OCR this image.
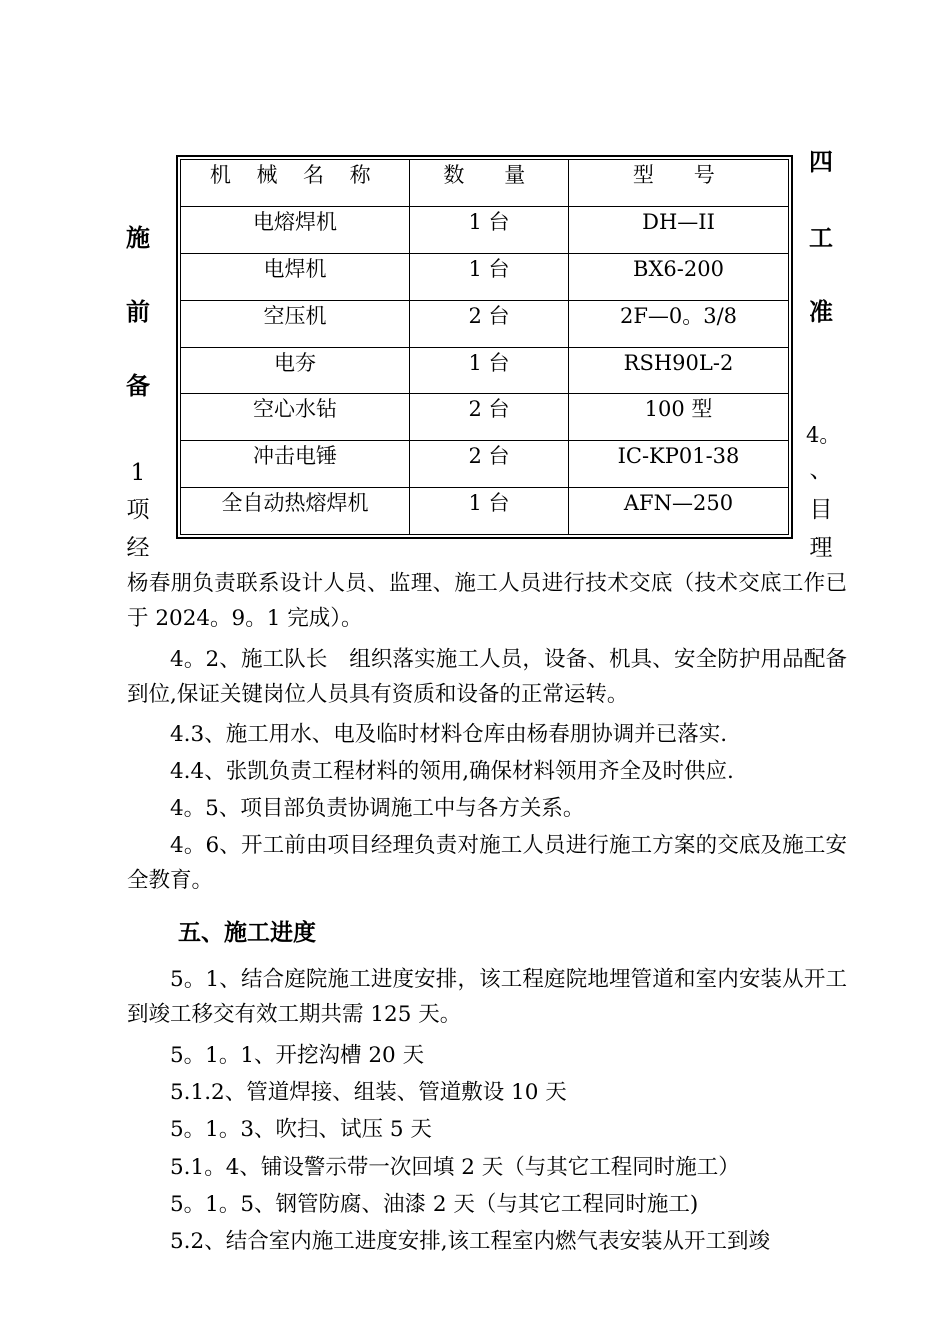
施
前
备
1
项
经
四
工
准
4。
、
目
理
机 械 名 称	数　量	型　号
电熔焊机	1 台	DH—II
电焊机	1 台	BX6-200
空压机	2 台	2F—0。3/8
电夯	1 台	RSH90L-2
空心水钻	2 台	100 型
冲击电锤	2 台	IC-KP01-38
全自动热熔焊机	1 台	AFN—250

杨春朋负责联系设计人员、监理、施工人员进行技术交底（技术交底工作已于 2024。9。1 完成）。

4。2、施工队长　组织落实施工人员，设备、机具、安全防护用品配备到位,保证关键岗位人员具有资质和设备的正常运转。

4.3、施工用水、电及临时材料仓库由杨春朋协调并已落实.

4.4、张凯负责工程材料的领用,确保材料领用齐全及时供应.

4。5、项目部负责协调施工中与各方关系。

4。6、开工前由项目经理负责对施工人员进行施工方案的交底及施工安全教育。

五、施工进度

5。1、结合庭院施工进度安排，该工程庭院地埋管道和室内安装从开工到竣工移交有效工期共需 125 天。

5。1。1、开挖沟槽 20 天

5.1.2、管道焊接、组装、管道敷设 10 天

5。1。3、吹扫、试压 5 天

5.1。4、铺设警示带一次回填 2 天（与其它工程同时施工）

5。1。5、钢管防腐、油漆 2 天（与其它工程同时施工)

5.2、结合室内施工进度安排,该工程室内燃气表安装从开工到竣
